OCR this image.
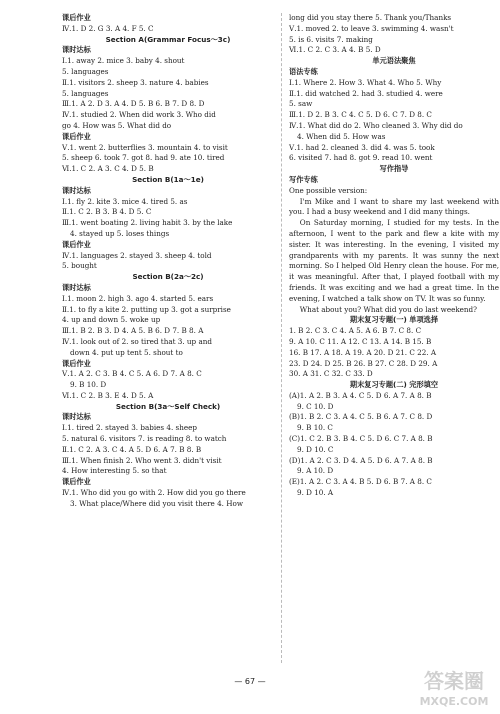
课后作业
Ⅳ.1. D 2. G 3. A 4. F 5. C
Section A(Grammar Focus～3c)
课时达标
Ⅰ.1. away 2. mice 3. baby 4. shout
5. languages
Ⅱ.1. visitors 2. sheep 3. nature 4. babies
5. languages
Ⅲ.1. A 2. D 3. A 4. D 5. B 6. B 7. D 8. D
Ⅳ.1. studied 2. When did work 3. Who did
go 4. How was 5. What did do
课后作业
Ⅴ.1. went 2. butterflies 3. mountain 4. to visit
5. sheep 6. took 7. got 8. had 9. ate 10. tired
Ⅵ.1. C 2. A 3. C 4. D 5. B
Section B(1a～1e)
课时达标
Ⅰ.1. fly 2. kite 3. mice 4. tired 5. as
Ⅱ.1. C 2. B 3. B 4. D 5. C
Ⅲ.1. went boating 2. living habit 3. by the lake
4. stayed up 5. loses things
课后作业
Ⅳ.1. languages 2. stayed 3. sheep 4. told
5. bought
Section B(2a～2c)
课时达标
Ⅰ.1. moon 2. high 3. ago 4. started 5. ears
Ⅱ.1. to fly a kite 2. putting up 3. got a surprise
4. up and down 5. woke up
Ⅲ.1. B 2. B 3. D 4. A 5. B 6. D 7. B 8. A
Ⅳ.1. look out of 2. so tired that 3. up and
down 4. put up tent 5. shout to
课后作业
Ⅴ.1. A 2. C 3. B 4. C 5. A 6. D 7. A 8. C
9. B 10. D
Ⅵ.1. C 2. B 3. E 4. D 5. A
Section B(3a～Self Check)
课时达标
Ⅰ.1. tired 2. stayed 3. babies 4. sheep
5. natural 6. visitors 7. is reading 8. to watch
Ⅱ.1. C 2. A 3. C 4. A 5. D 6. A 7. B 8. B
Ⅲ.1. When finish 2. Who went 3. didn't visit
4. How interesting 5. so that
课后作业
Ⅳ.1. Who did you go with 2. How did you go there
3. What place/Where did you visit there 4. How
long did you stay there 5. Thank you/Thanks
Ⅴ.1. moved 2. to leave 3. swimming 4. wasn't
5. is 6. visits 7. making
Ⅵ.1. C 2. C 3. A 4. B 5. D
单元语法聚焦
语法专练
Ⅰ.1. Where 2. How 3. What 4. Who 5. Why
Ⅱ.1. did watched 2. had 3. studied 4. were
5. saw
Ⅲ.1. D 2. B 3. C 4. C 5. D 6. C 7. D 8. C
Ⅳ.1. What did do 2. Who cleaned 3. Why did do
4. When did 5. How was
Ⅴ.1. had 2. cleaned 3. did 4. was 5. took
6. visited 7. had 8. got 9. read 10. went
写作指导
写作专练
One possible version:
I'm Mike and I want to share my last weekend with you. I had a busy weekend and I did many things.
On Saturday morning, I studied for my tests. In the afternoon, I went to the park and flew a kite with my sister. It was interesting. In the evening, I visited my grandparents with my parents. It was sunny the next morning. So I helped Old Henry clean the house. For me, it was meaningful. After that, I played football with my friends. It was exciting and we had a great time. In the evening, I watched a talk show on TV. It was so funny.
What about you? What did you do last weekend?
期末复习专题(一) 单项选择
1. B 2. C 3. C 4. A 5. A 6. B 7. C 8. C
9. A 10. C 11. A 12. C 13. A 14. B 15. B
16. B 17. A 18. A 19. A 20. D 21. C 22. A
23. D 24. D 25. B 26. B 27. C 28. D 29. A
30. A 31. C 32. C 33. D
期末复习专题(二) 完形填空
(A)1. A 2. B 3. A 4. C 5. D 6. A 7. A 8. B
9. C 10. D
(B)1. B 2. C 3. A 4. C 5. B 6. A 7. C 8. D
9. B 10. C
(C)1. C 2. B 3. B 4. C 5. D 6. C 7. A 8. B
9. D 10. C
(D)1. A 2. C 3. D 4. A 5. D 6. A 7. A 8. B
9. A 10. D
(E)1. A 2. C 3. A 4. B 5. D 6. B 7. A 8. C
9. D 10. A
— 67 —	答案圈
MXQE.COM
